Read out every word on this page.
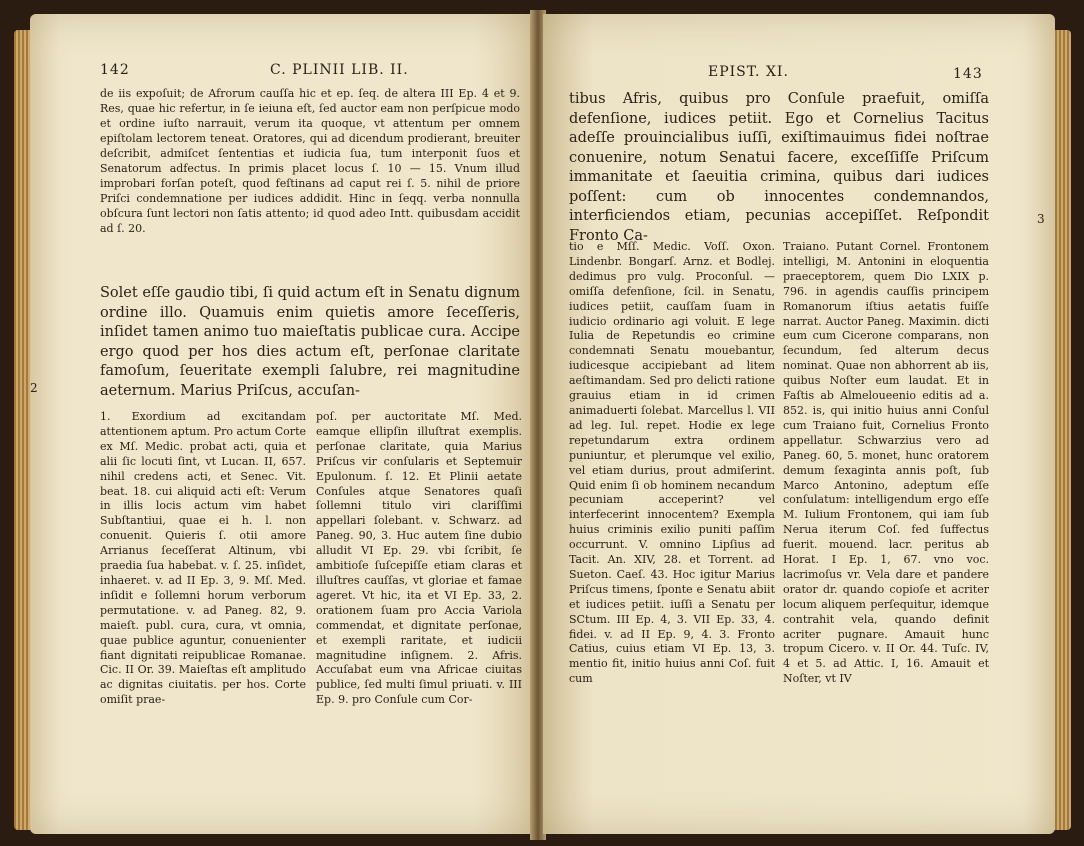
142	C. PLINII LIB. II.
de iis expoſuit; de Afrorum cauſſa hic et ep. ſeq. de altera III Ep. 4 et 9. Res, quae hic refertur, in ſe ieiuna eſt, ſed auctor eam non perſpicue modo et ordine iuſto narrauit, verum ita quoque, vt attentum per omnem epiſtolam lectorem teneat. Oratores, qui ad dicendum prodierant, breuiter deſcribit, admiſcet ſententias et iudicia ſua, tum interponit ſuos et Senatorum adfectus. In primis placet locus ſ. 10 — 15. Vnum illud improbari forſan poteſt, quod feſtinans ad caput rei ſ. 5. nihil de priore Priſci condemnatione per iudices addidit. Hinc in ſeqq. verba nonnulla obſcura ſunt lectori non ſatis attento; id quod adeo Intt. quibusdam accidit ad ſ. 20.
Solet eſſe gaudio tibi, ſi quid actum eſt in Senatu dignum ordine illo. Quamuis enim quietis amore ſeceſſeris, inſidet tamen animo tuo maieſtatis publicae cura. Accipe ergo quod per hos dies actum eſt, perſonae claritate famoſum, ſeueritate exempli ſalubre, rei magnitudine aeternum. Marius Priſcus, accuſan-
2
1. Exordium ad excitandam attentionem aptum. Pro actum Corte ex Mſ. Medic. probat acti, quia et alii ſic locuti ſint, vt Lucan. II, 657. nihil credens acti, et Senec. Vit. beat. 18. cui aliquid acti eſt: Verum in illis locis actum vim habet Subſtantiui, quae ei h. l. non conuenit. Quieris ſ. otii amore Arrianus ſeceſſerat Altinum, vbi praedia ſua habebat. v. ſ. 25. inſidet, inhaeret. v. ad II Ep. 3, 9. Mſ. Med. inſidit e ſollemni horum verborum permutatione. v. ad Paneg. 82, 9. maieſt. publ. cura, cura, vt omnia, quae publice aguntur, conuenienter fiant dignitati reipublicae Romanae. Cic. II Or. 39. Maieſtas eſt amplitudo ac dignitas ciuitatis. per hos. Corte omiſit prae-
poſ. per auctoritate Mſ. Med. eamque ellipſin illuſtrat exemplis. perſonae claritate, quia Marius Priſcus vir conſularis et Septemuir Epulonum. ſ. 12. Et Plinii aetate Conſules atque Senatores quaſi ſollemni titulo viri clariſſimi appellari ſolebant. v. Schwarz. ad Paneg. 90, 3. Huc autem ſine dubio alludit VI Ep. 29. vbi ſcribit, ſe ambitioſe ſuſcepiſſe etiam claras et illuſtres cauſſas, vt gloriae et famae ageret. Vt hic, ita et VI Ep. 33, 2. orationem ſuam pro Accia Variola commendat, et dignitate perſonae, et exempli raritate, et iudicii magnitudine inſignem. 2. Afris. Accuſabat eum vna Africae ciuitas publice, ſed multi ſimul priuati. v. III Ep. 9. pro Conſule cum Cor-
EPIST. XI.	143
tibus Afris, quibus pro Conſule praefuit, omiſſa defenſione, iudices petiit. Ego et Cornelius Tacitus adeſſe prouincialibus iuſſi, exiſtimauimus fidei noſtrae conuenire, notum Senatui facere, exceſſiſſe Priſcum immanitate et ſaeuitia crimina, quibus dari iudices poſſent: cum ob innocentes condemnandos, interficiendos etiam, pecunias accepiſſet. Reſpondit Fronto Ca-
3
tio e Mſſ. Medic. Voſſ. Oxon. Lindenbr. Bongarſ. Arnz. et Bodlej. dedimus pro vulg. Proconſul. — omiſſa defenſione, ſcil. in Senatu, iudices petiit, cauſſam ſuam in iudicio ordinario agi voluit. E lege Iulia de Repetundis eo crimine condemnati Senatu mouebantur, iudicesque accipiebant ad litem aeſtimandam. Sed pro delicti ratione grauius etiam in id crimen animaduerti ſolebat. Marcellus l. VII ad leg. Iul. repet. Hodie ex lege repetundarum extra ordinem puniuntur, et plerumque vel exilio, vel etiam durius, prout admiſerint. Quid enim ſi ob hominem necandum pecuniam acceperint? vel interfecerint innocentem? Exempla huius criminis exilio puniti paſſim occurrunt. V. omnino Lipſius ad Tacit. An. XIV, 28. et Torrent. ad Sueton. Caeſ. 43. Hoc igitur Marius Priſcus timens, ſponte e Senatu abiit et iudices petiit. iuſſi a Senatu per SCtum. III Ep. 4, 3. VII Ep. 33, 4. fidei. v. ad II Ep. 9, 4. 3. Fronto Catius, cuius etiam VI Ep. 13, 3. mentio fit, initio huius anni Coſ. fuit cum
Traiano. Putant Cornel. Frontonem intelligi, M. Antonini in eloquentia praeceptorem, quem Dio LXIX p. 796. in agendis cauſſis principem Romanorum iſtius aetatis fuiſſe narrat. Auctor Paneg. Maximin. dicti eum cum Cicerone comparans, non ſecundum, ſed alterum decus nominat. Quae non abhorrent ab iis, quibus Noſter eum laudat. Et in Faſtis ab Almeloueenio editis ad a. 852. is, qui initio huius anni Conſul cum Traiano fuit, Cornelius Fronto appellatur. Schwarzius vero ad Paneg. 60, 5. monet, hunc oratorem demum ſexaginta annis poſt, ſub Marco Antonino, adeptum eſſe conſulatum: intelligendum ergo eſſe M. Iulium Frontonem, qui iam ſub Nerua iterum Coſ. fed ſuffectus fuerit. mouend. lacr. peritus ab Horat. I Ep. 1, 67. vno voc. lacrimoſus vr. Vela dare et pandere orator dr. quando copioſe et acriter locum aliquem perſequitur, idemque contrahit vela, quando definit acriter pugnare. Amauit hunc tropum Cicero. v. II Or. 44. Tuſc. IV, 4 et 5. ad Attic. I, 16. Amauit et Noſter, vt IV
